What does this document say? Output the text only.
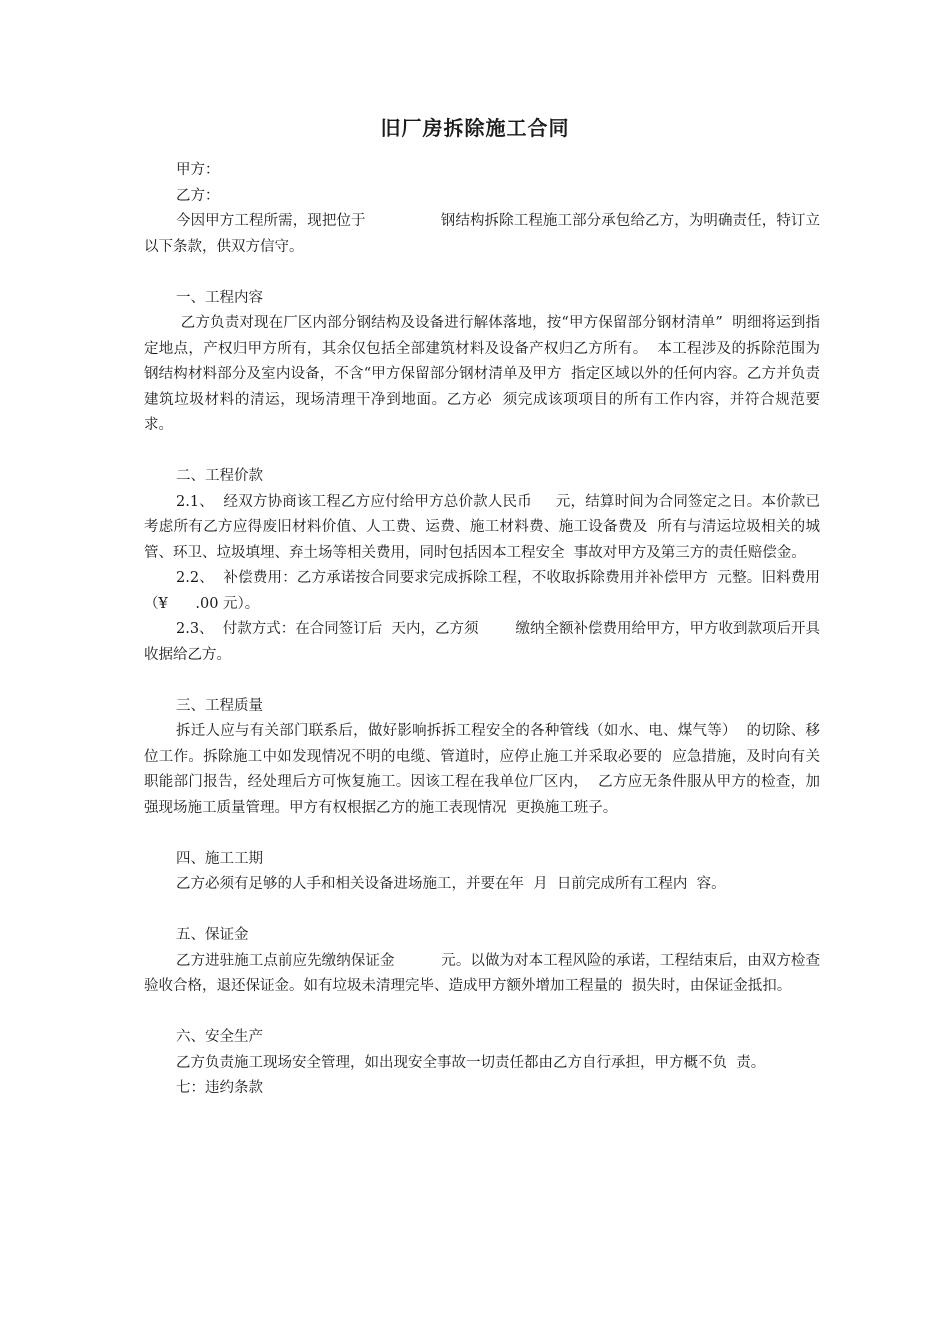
旧厂房拆除施工合同

甲方：

乙方：

今因甲方工程所需，现把位于                钢结构拆除工程施工部分承包给乙方，为明确责任，特订立以下条款，供双方信守。

一、工程内容

乙方负责对现在厂区内部分钢结构及设备进行解体落地，按“甲方保留部分钢材清单”  明细将运到指定地点，产权归甲方所有，其余仅包括全部建筑材料及设备产权归乙方所有。  本工程涉及的拆除范围为钢结构材料部分及室内设备，不含“甲方保留部分钢材清单及甲方  指定区域以外的任何内容。乙方并负责建筑垃圾材料的清运，现场清理干净到地面。乙方必  须完成该项项目的所有工作内容，并符合规范要求。

二、工程价款

2.1、  经双方协商该工程乙方应付给甲方总价款人民币     元，结算时间为合同签定之日。本价款已考虑所有乙方应得废旧材料价值、人工费、运费、施工材料费、施工设备费及  所有与清运垃圾相关的城管、环卫、垃圾填埋、弃土场等相关费用，同时包括因本工程安全  事故对甲方及第三方的责任赔偿金。

2.2、  补偿费用：乙方承诺按合同要求完成拆除工程，不收取拆除费用并补偿甲方  元整。旧料费用（¥      .00 元）。

2.3、  付款方式：在合同签订后  天内，乙方须        缴纳全额补偿费用给甲方，甲方收到款项后开具收据给乙方。

三、工程质量

拆迁人应与有关部门联系后，做好影响拆拆工程安全的各种管线（如水、电、煤气等）  的切除、移位工作。拆除施工中如发现情况不明的电缆、管道时，应停止施工并采取必要的  应急措施，及时向有关职能部门报告，经处理后方可恢复施工。因该工程在我单位厂区内，  乙方应无条件服从甲方的检查，加强现场施工质量管理。甲方有权根据乙方的施工表现情况  更换施工班子。

四、施工工期

乙方必须有足够的人手和相关设备进场施工，并要在年  月  日前完成所有工程内  容。

五、保证金

乙方进驻施工点前应先缴纳保证金          元。以做为对本工程风险的承诺，工程结束后，由双方检查验收合格，退还保证金。如有垃圾未清理完毕、造成甲方额外增加工程量的  损失时，由保证金抵扣。

六、安全生产

乙方负责施工现场安全管理，如出现安全事故一切责任都由乙方自行承担，甲方概不负  责。

七：违约条款
